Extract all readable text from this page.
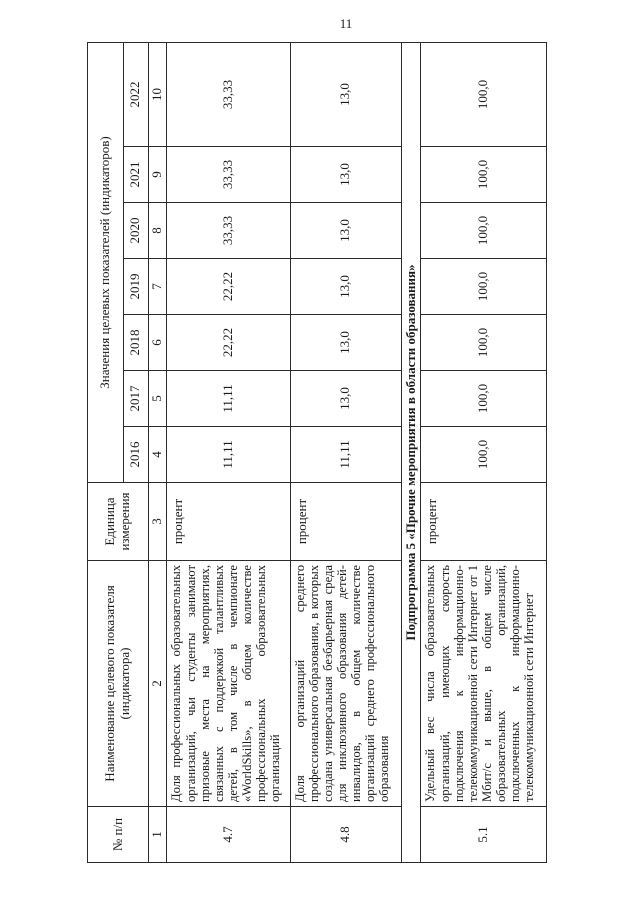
11
№ п/п	Наименование целевого показателя (индикатора)	Единица измерения	Значения целевых показателей (индикаторов)						
			2016	2017	2018	2019	2020	2021	2022
1	2	3	4	5	6	7	8	9	10
4.7	Доля профессиональных образовательных организаций, чьи студенты занимают призовые места на мероприятиях, связанных с поддержкой талантливых детей, в том числе в чемпионате «WorldSkills», в общем количестве профессиональных образовательных организаций	процент	11,11	11,11	22,22	22,22	33,33	33,33	33,33
4.8	Доля организаций среднего профессионального образования, в которых создана универсальная безбарьерная среда для инклюзивного образования детей-инвалидов, в общем количестве организаций среднего профессионального образования	процент	11,11	13,0	13,0	13,0	13,0	13,0	13,0
Подпрограмма 5 «Прочие мероприятия в области образования»									
5.1	Удельный вес числа образовательных организаций, имеющих скорость подключения к информационно-телекоммуникационной сети Интернет от 1 Мбит/с и выше, в общем числе образовательных организаций, подключенных к информационно-телекоммуникационной сети Интернет	процент	100,0	100,0	100,0	100,0	100,0	100,0	100,0
